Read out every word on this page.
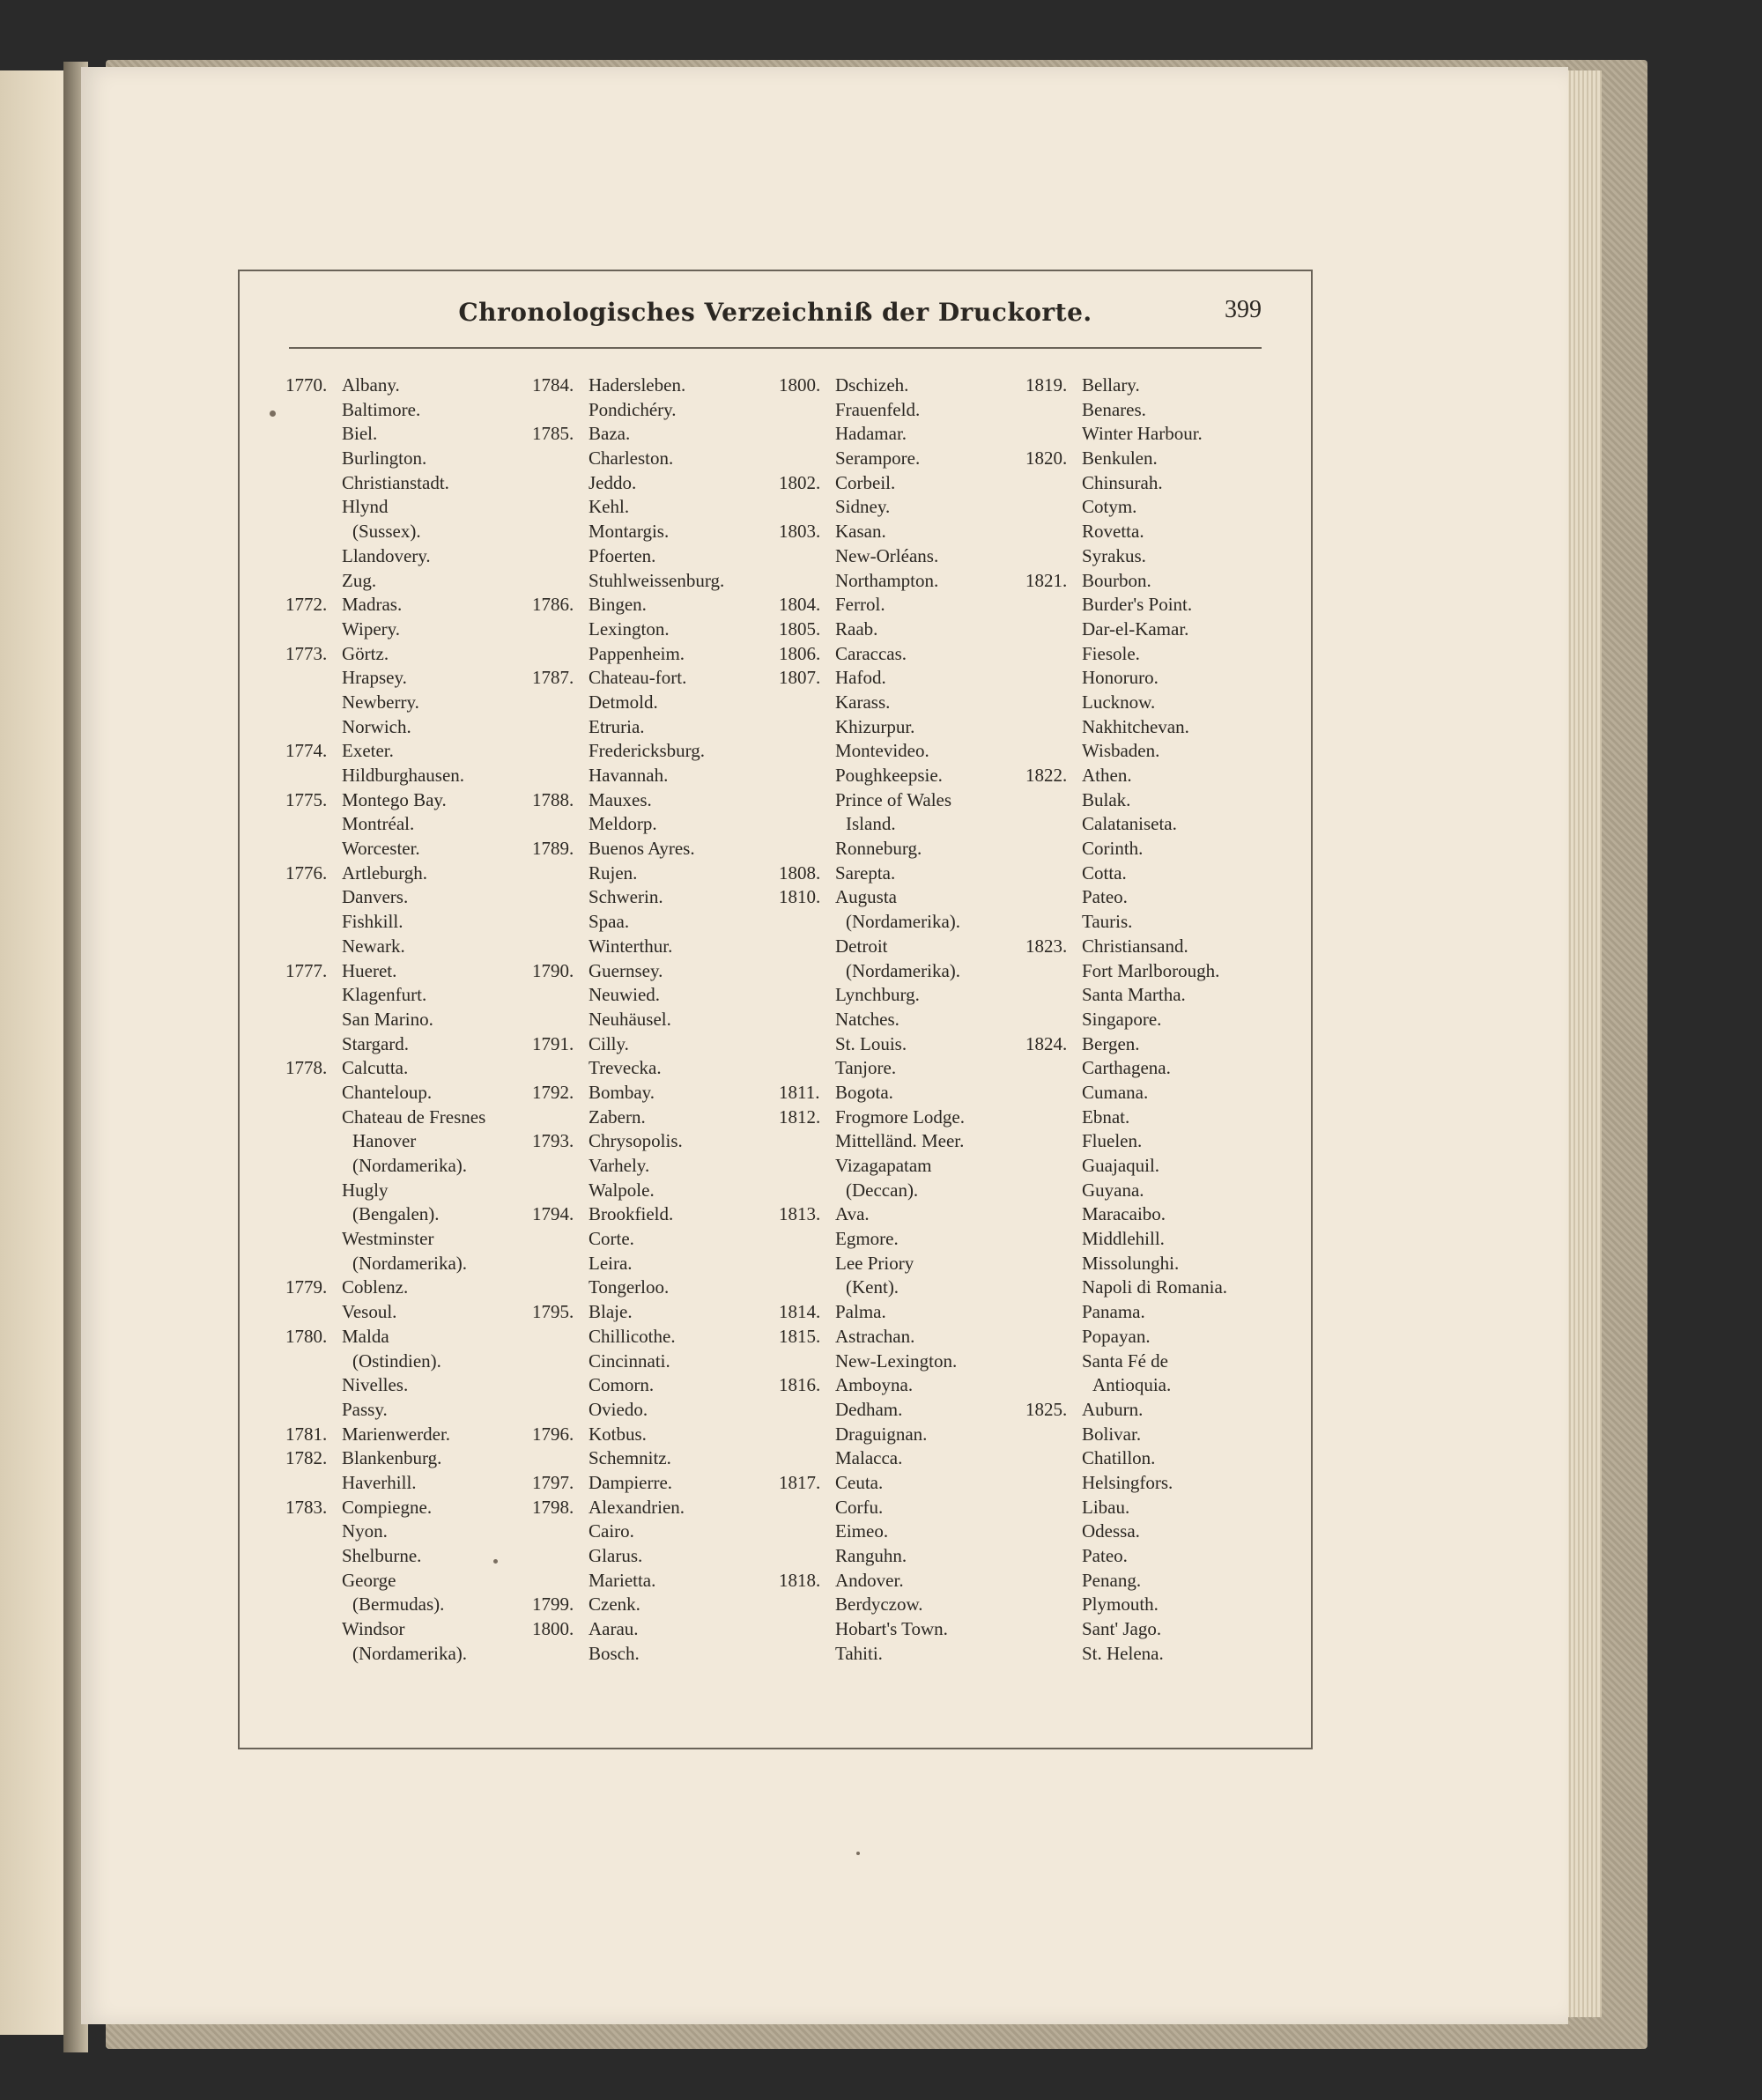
Chronologisches Verzeichniß der Druckorte.	399
1770. Albany.
Baltimore.
Biel.
Burlington.
Christianstadt.
Hlynd
(Sussex).
Llandovery.
Zug.
1772. Madras.
Wipery.
1773. Görtz.
Hrapsey.
Newberry.
Norwich.
1774. Exeter.
Hildburghausen.
1775. Montego Bay.
Montréal.
Worcester.
1776. Artleburgh.
Danvers.
Fishkill.
Newark.
1777. Hueret.
Klagenfurt.
San Marino.
Stargard.
1778. Calcutta.
Chanteloup.
Chateau de Fresnes
Hanover
(Nordamerika).
Hugly
(Bengalen).
Westminster
(Nordamerika).
1779. Coblenz.
Vesoul.
1780. Malda
(Ostindien).
Nivelles.
Passy.
1781. Marienwerder.
1782. Blankenburg.
Haverhill.
1783. Compiegne.
Nyon.
Shelburne.
George
(Bermudas).
Windsor
(Nordamerika).
1784. Hadersleben.
Pondichéry.
1785. Baza.
Charleston.
Jeddo.
Kehl.
Montargis.
Pfoerten.
Stuhlweissenburg.
1786. Bingen.
Lexington.
Pappenheim.
1787. Chateau-fort.
Detmold.
Etruria.
Fredericksburg.
Havannah.
1788. Mauxes.
Meldorp.
1789. Buenos Ayres.
Rujen.
Schwerin.
Spaa.
Winterthur.
1790. Guernsey.
Neuwied.
Neuhäusel.
1791. Cilly.
Trevecka.
1792. Bombay.
Zabern.
1793. Chrysopolis.
Varhely.
Walpole.
1794. Brookfield.
Corte.
Leira.
Tongerloo.
1795. Blaje.
Chillicothe.
Cincinnati.
Comorn.
Oviedo.
1796. Kotbus.
Schemnitz.
1797. Dampierre.
1798. Alexandrien.
Cairo.
Glarus.
Marietta.
1799. Czenk.
1800. Aarau.
Bosch.
1800. Dschizeh.
Frauenfeld.
Hadamar.
Serampore.
1802. Corbeil.
Sidney.
1803. Kasan.
New-Orléans.
Northampton.
1804. Ferrol.
1805. Raab.
1806. Caraccas.
1807. Hafod.
Karass.
Khizurpur.
Montevideo.
Poughkeepsie.
Prince of Wales
Island.
Ronneburg.
1808. Sarepta.
1810. Augusta
(Nordamerika).
Detroit
(Nordamerika).
Lynchburg.
Natches.
St. Louis.
Tanjore.
1811. Bogota.
1812. Frogmore Lodge.
Mittelländ. Meer.
Vizagapatam
(Deccan).
1813. Ava.
Egmore.
Lee Priory
(Kent).
1814. Palma.
1815. Astrachan.
New-Lexington.
1816. Amboyna.
Dedham.
Draguignan.
Malacca.
1817. Ceuta.
Corfu.
Eimeo.
Ranguhn.
1818. Andover.
Berdyczow.
Hobart's Town.
Tahiti.
1819. Bellary.
Benares.
Winter Harbour.
1820. Benkulen.
Chinsurah.
Cotym.
Rovetta.
Syrakus.
1821. Bourbon.
Burder's Point.
Dar-el-Kamar.
Fiesole.
Honoruro.
Lucknow.
Nakhitchevan.
Wisbaden.
1822. Athen.
Bulak.
Calataniseta.
Corinth.
Cotta.
Pateo.
Tauris.
1823. Christiansand.
Fort Marlborough.
Santa Martha.
Singapore.
1824. Bergen.
Carthagena.
Cumana.
Ebnat.
Fluelen.
Guajaquil.
Guyana.
Maracaibo.
Middlehill.
Missolunghi.
Napoli di Romania.
Panama.
Popayan.
Santa Fé de
Antioquia.
1825. Auburn.
Bolivar.
Chatillon.
Helsingfors.
Libau.
Odessa.
Pateo.
Penang.
Plymouth.
Sant' Jago.
St. Helena.
